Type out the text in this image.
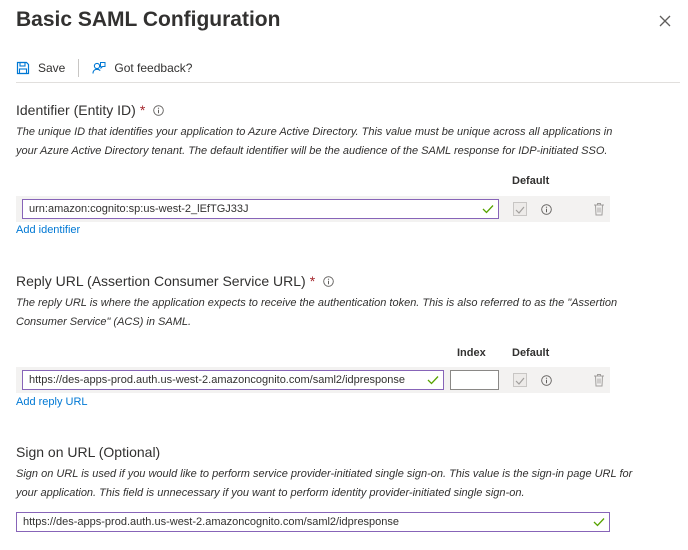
Basic SAML Configuration
Save	Got feedback?
Identifier (Entity ID) *
The unique ID that identifies your application to Azure Active Directory. This value must be unique across all applications in
your Azure Active Directory tenant. The default identifier will be the audience of the SAML response for IDP-initiated SSO.
Default
urn:amazon:cognito:sp:us-west-2_lEfTGJ33J
Add identifier
Reply URL (Assertion Consumer Service URL) *
The reply URL is where the application expects to receive the authentication token. This is also referred to as the "Assertion
Consumer Service" (ACS) in SAML.
Index Default
https://des-apps-prod.auth.us-west-2.amazoncognito.com/saml2/idpresponse
Add reply URL
Sign on URL (Optional)
Sign on URL is used if you would like to perform service provider-initiated single sign-on. This value is the sign-in page URL for
your application. This field is unnecessary if you want to perform identity provider-initiated single sign-on.
https://des-apps-prod.auth.us-west-2.amazoncognito.com/saml2/idpresponse
